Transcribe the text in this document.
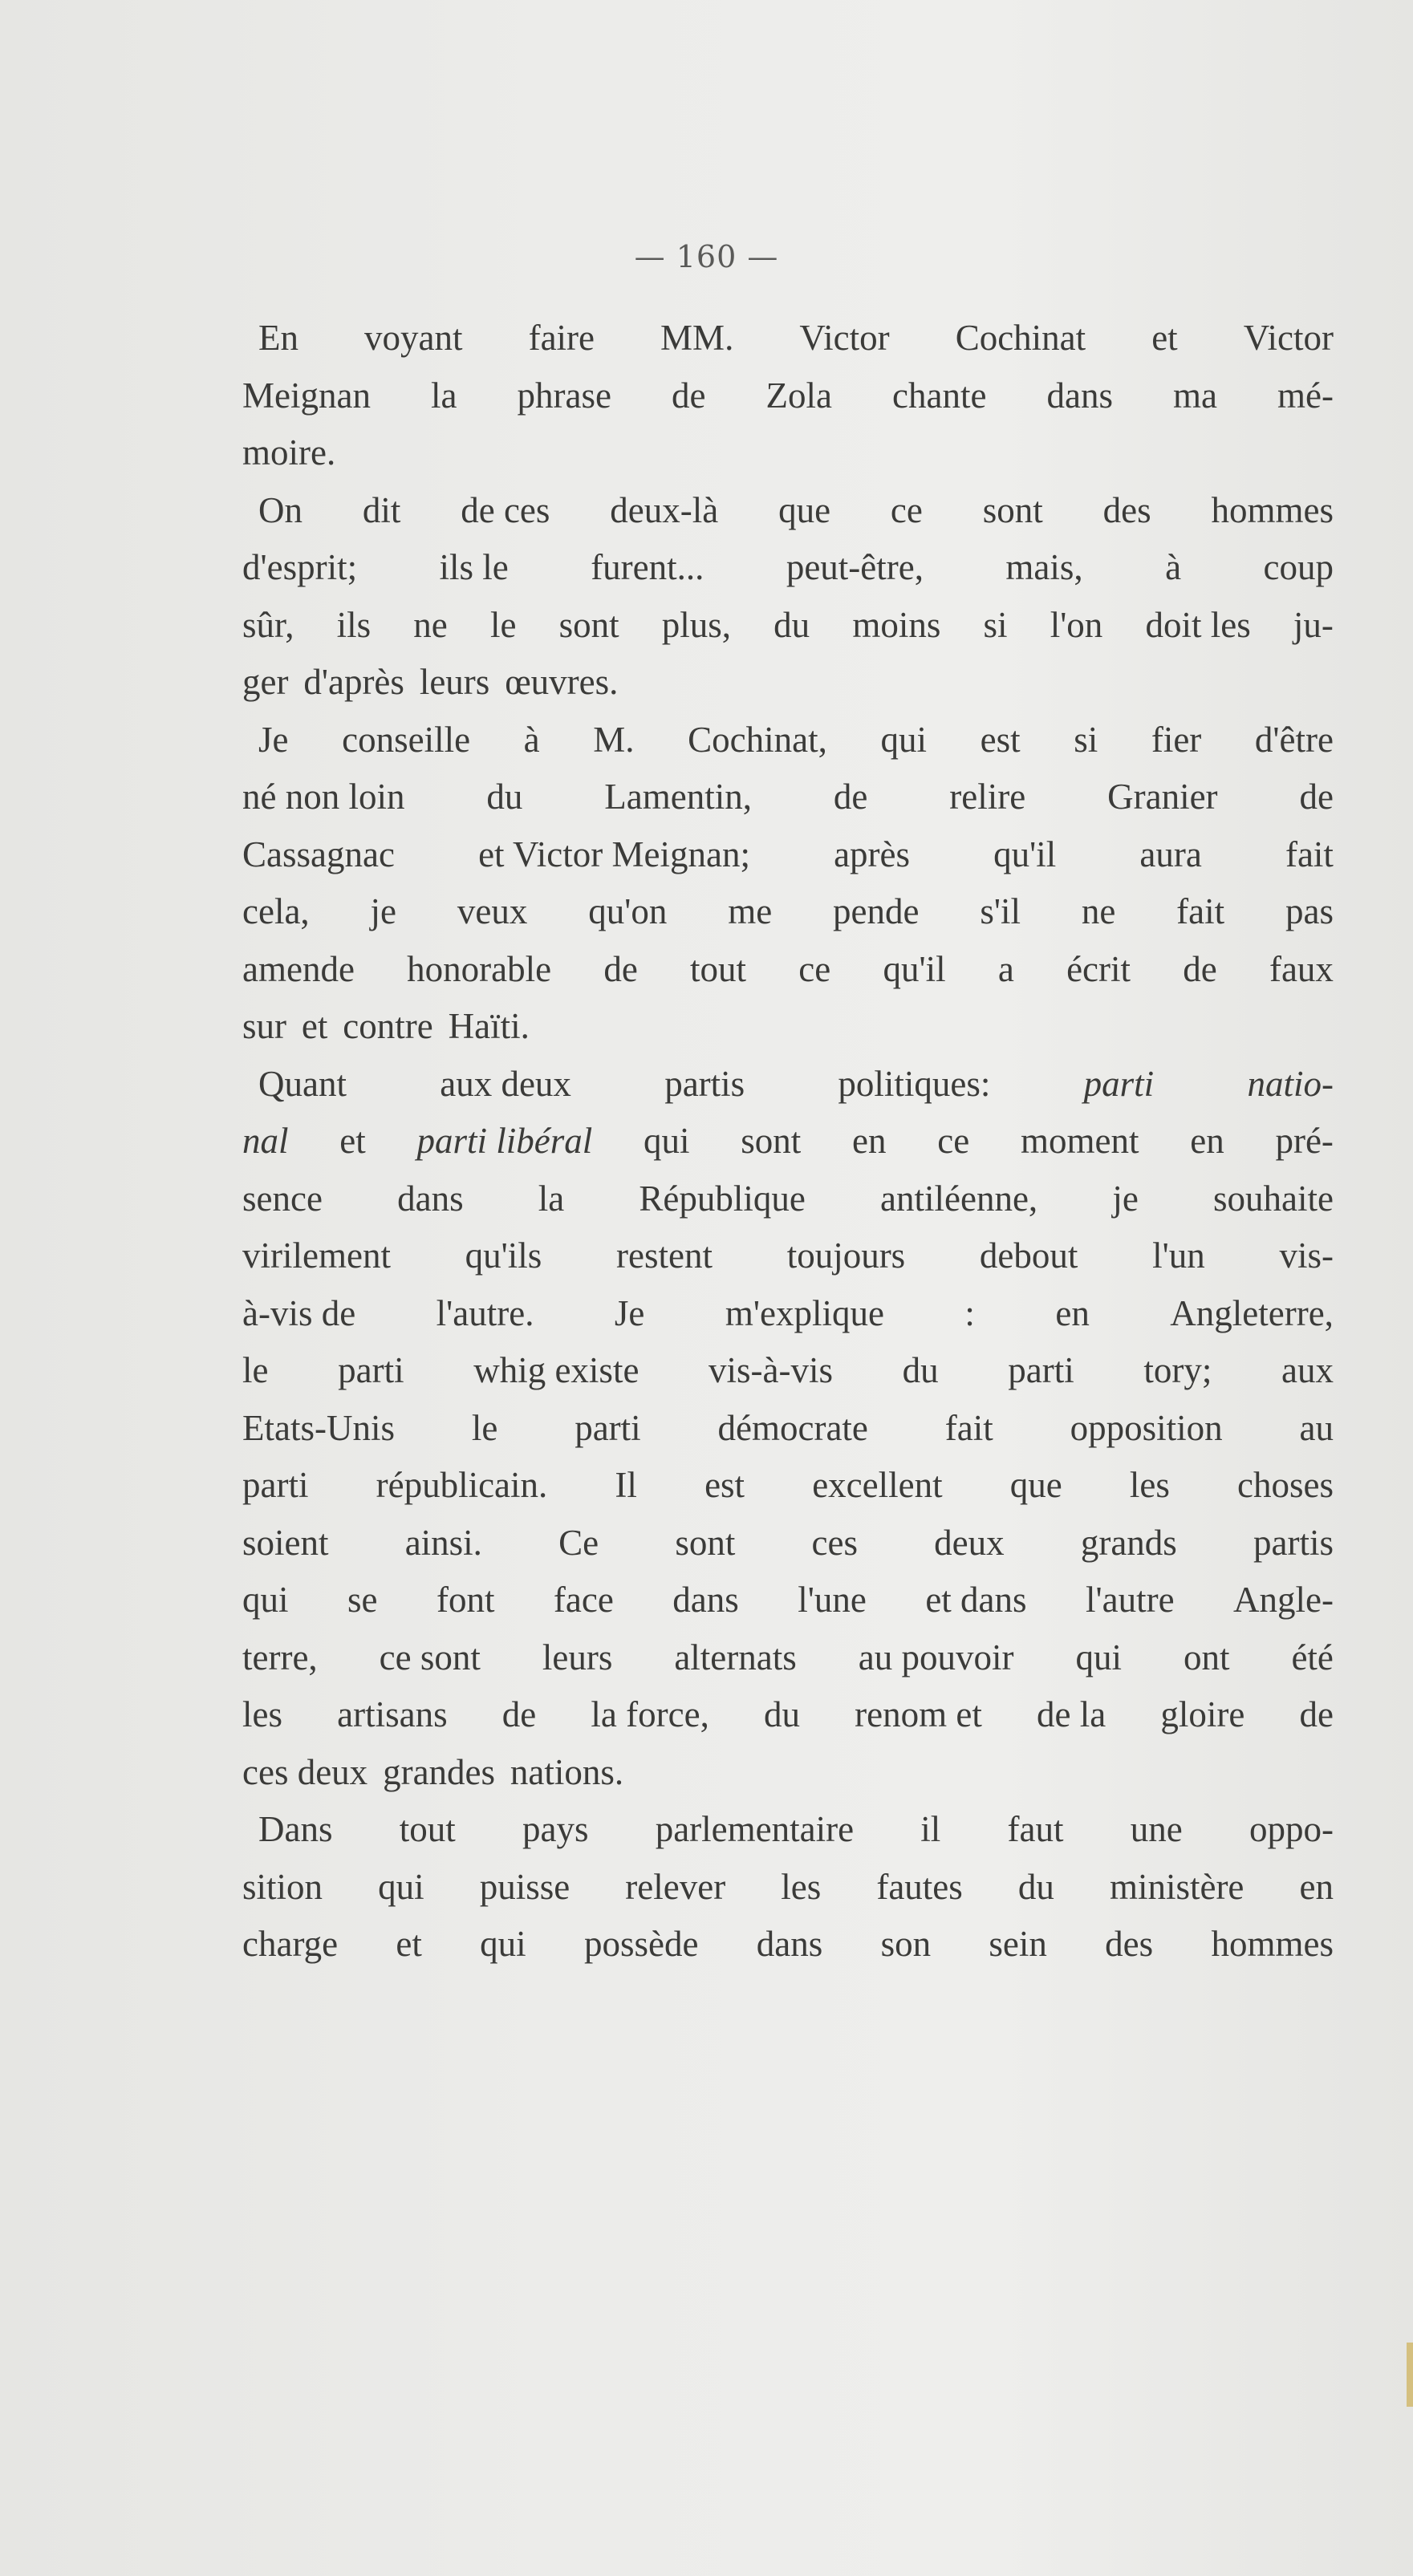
— 160 —
En voyant faire MM. Victor Cochinat et Victor
Meignan la phrase de Zola chante dans ma mé-
moire.
On dit de ces deux-là que ce sont des hommes
d'esprit; ils le furent... peut-être, mais, à coup
sûr, ils ne le sont plus, du moins si l'on doit les ju-
ger d'après leurs œuvres.
Je conseille à M. Cochinat, qui est si fier d'être
né non loin du Lamentin, de relire Granier de
Cassagnac et Victor Meignan; après qu'il aura fait
cela, je veux qu'on me pende s'il ne fait pas
amende honorable de tout ce qu'il a écrit de faux
sur et contre Haïti.
Quant	aux deux	partis	politiques:	parti	natio-
nal et parti libéral qui sont en ce moment en pré-
sence dans la République antiléenne, je souhaite
virilement qu'ils restent toujours debout l'un vis-
à-vis de l'autre. Je m'explique : en Angleterre,
le parti whig existe vis-à-vis du parti tory; aux
Etats-Unis le parti démocrate fait opposition au
parti républicain. Il est excellent que les choses
soient ainsi. Ce sont ces deux grands partis
qui se font face dans l'une et dans l'autre Angle-
terre, ce sont leurs alternats au pouvoir qui ont été
les artisans de la force, du renom et de la gloire de
ces deux grandes nations.
Dans tout pays parlementaire il faut une oppo-
sition qui puisse relever les fautes du ministère en
charge et qui possède dans son sein des hommes
